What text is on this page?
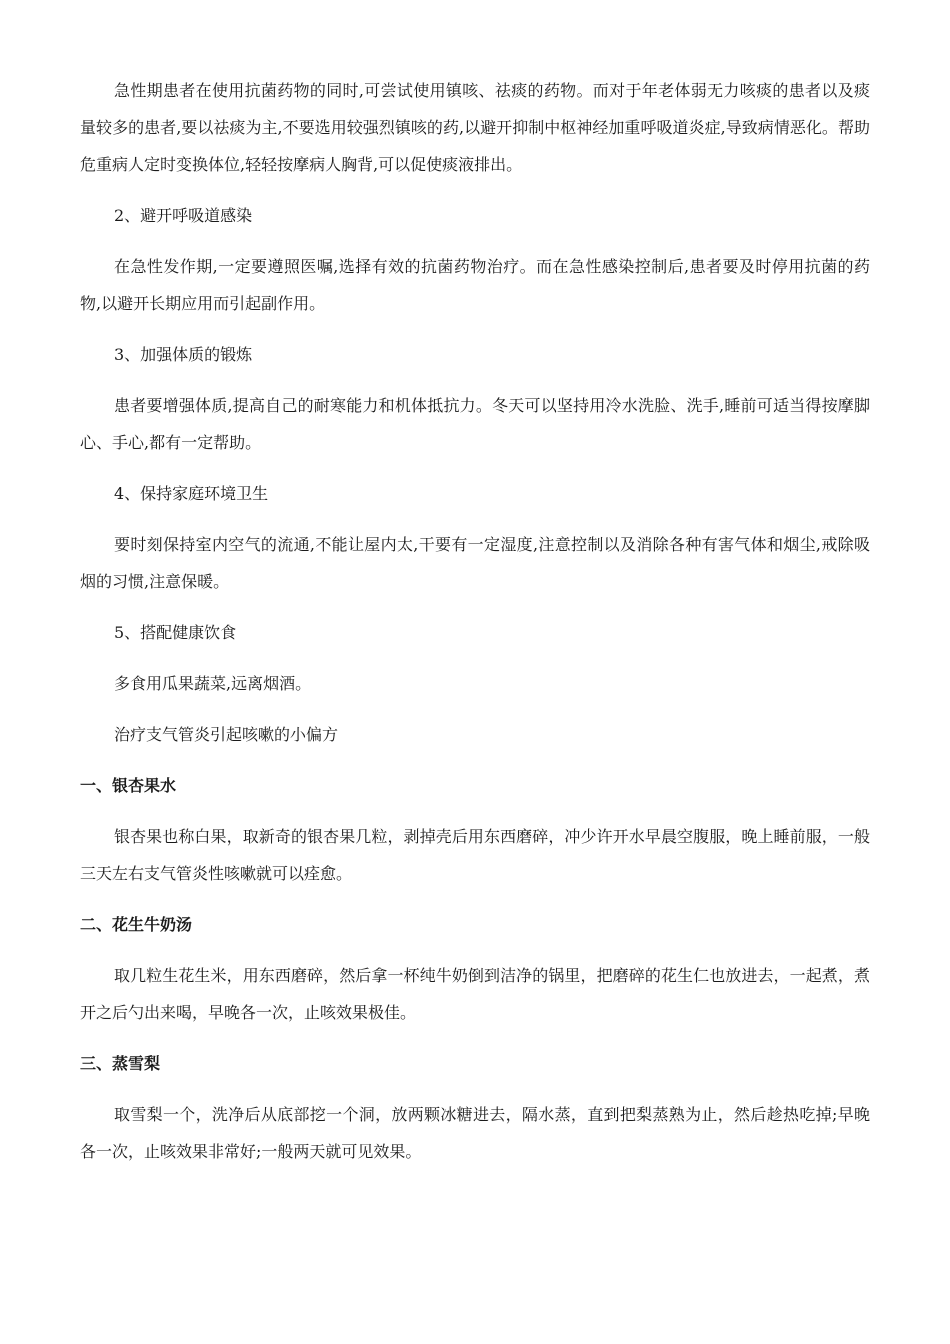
急性期患者在使用抗菌药物的同时,可尝试使用镇咳、祛痰的药物。而对于年老体弱无力咳痰的患者以及痰量较多的患者,要以祛痰为主,不要选用较强烈镇咳的药,以避开抑制中枢神经加重呼吸道炎症,导致病情恶化。帮助危重病人定时变换体位,轻轻按摩病人胸背,可以促使痰液排出。

2、避开呼吸道感染

在急性发作期,一定要遵照医嘱,选择有效的抗菌药物治疗。而在急性感染控制后,患者要及时停用抗菌的药物,以避开长期应用而引起副作用。

3、加强体质的锻炼

患者要增强体质,提高自己的耐寒能力和机体抵抗力。冬天可以坚持用冷水洗脸、洗手,睡前可适当得按摩脚心、手心,都有一定帮助。

4、保持家庭环境卫生

要时刻保持室内空气的流通,不能让屋内太,干要有一定湿度,注意控制以及消除各种有害气体和烟尘,戒除吸烟的习惯,注意保暖。

5、搭配健康饮食

多食用瓜果蔬菜,远离烟酒。

治疗支气管炎引起咳嗽的小偏方

一、银杏果水

银杏果也称白果，取新奇的银杏果几粒，剥掉壳后用东西磨碎，冲少许开水早晨空腹服，晚上睡前服，一般三天左右支气管炎性咳嗽就可以痊愈。

二、花生牛奶汤

取几粒生花生米，用东西磨碎，然后拿一杯纯牛奶倒到洁净的锅里，把磨碎的花生仁也放进去，一起煮，煮开之后勺出来喝，早晚各一次，止咳效果极佳。

三、蒸雪梨

取雪梨一个，洗净后从底部挖一个洞，放两颗冰糖进去，隔水蒸，直到把梨蒸熟为止，然后趁热吃掉;早晚各一次，止咳效果非常好;一般两天就可见效果。
